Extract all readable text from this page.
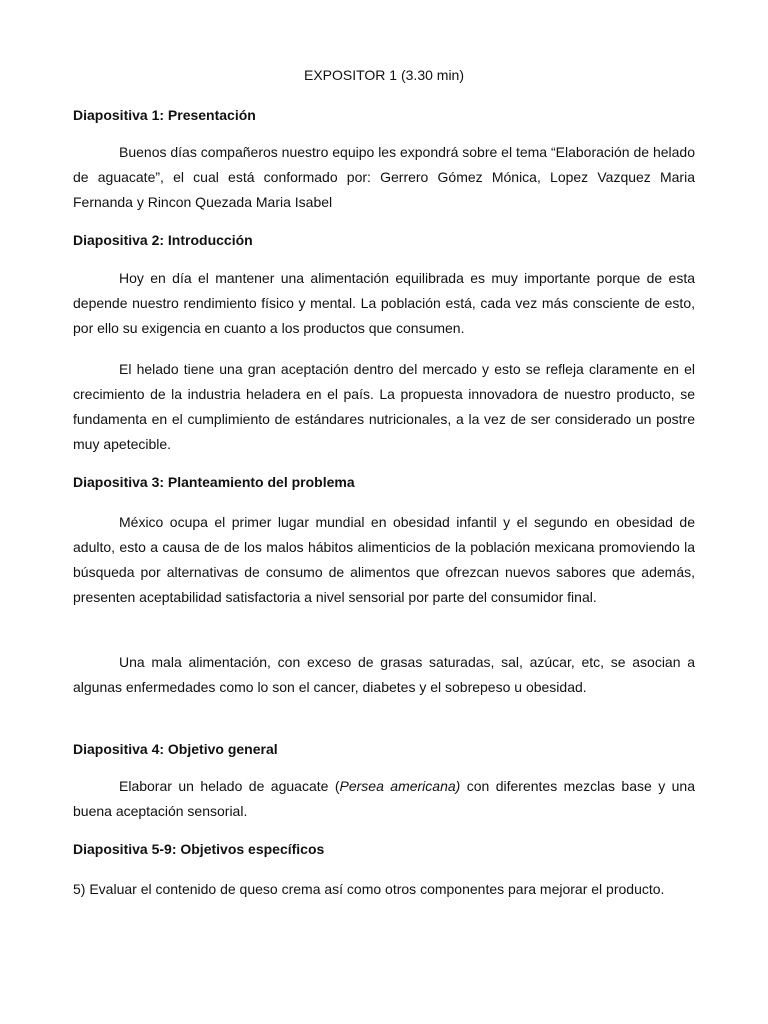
EXPOSITOR 1 (3.30 min)
Diapositiva 1: Presentación
Buenos días compañeros nuestro equipo les expondrá sobre el tema “Elaboración de helado de aguacate”, el cual está conformado por: Gerrero Gómez Mónica, Lopez Vazquez Maria Fernanda y Rincon Quezada Maria Isabel
Diapositiva 2: Introducción
Hoy en día el mantener una alimentación equilibrada es muy importante porque de esta depende nuestro rendimiento físico y mental. La población está, cada vez más consciente de esto, por ello su exigencia en cuanto a los productos que consumen.
El helado tiene una gran aceptación dentro del mercado y esto se refleja claramente en el crecimiento de la industria heladera en el país. La propuesta innovadora de nuestro producto, se fundamenta en el cumplimiento de estándares nutricionales, a la vez de ser considerado un postre muy apetecible.
Diapositiva 3: Planteamiento del problema
México ocupa el primer lugar mundial en obesidad infantil y el segundo en obesidad de adulto, esto a causa de de los malos hábitos alimenticios de la población mexicana promoviendo la búsqueda por alternativas de consumo de alimentos que ofrezcan nuevos sabores que además, presenten aceptabilidad satisfactoria a nivel sensorial por parte del consumidor final.
Una mala alimentación, con exceso de grasas saturadas, sal, azúcar, etc, se asocian a algunas enfermedades como lo son el cancer, diabetes y el sobrepeso u obesidad.
Diapositiva 4: Objetivo general
Elaborar un helado de aguacate (Persea americana) con diferentes mezclas base y una buena aceptación sensorial.
Diapositiva 5-9: Objetivos específicos
5) Evaluar el contenido de queso crema así como otros componentes para mejorar el producto.
